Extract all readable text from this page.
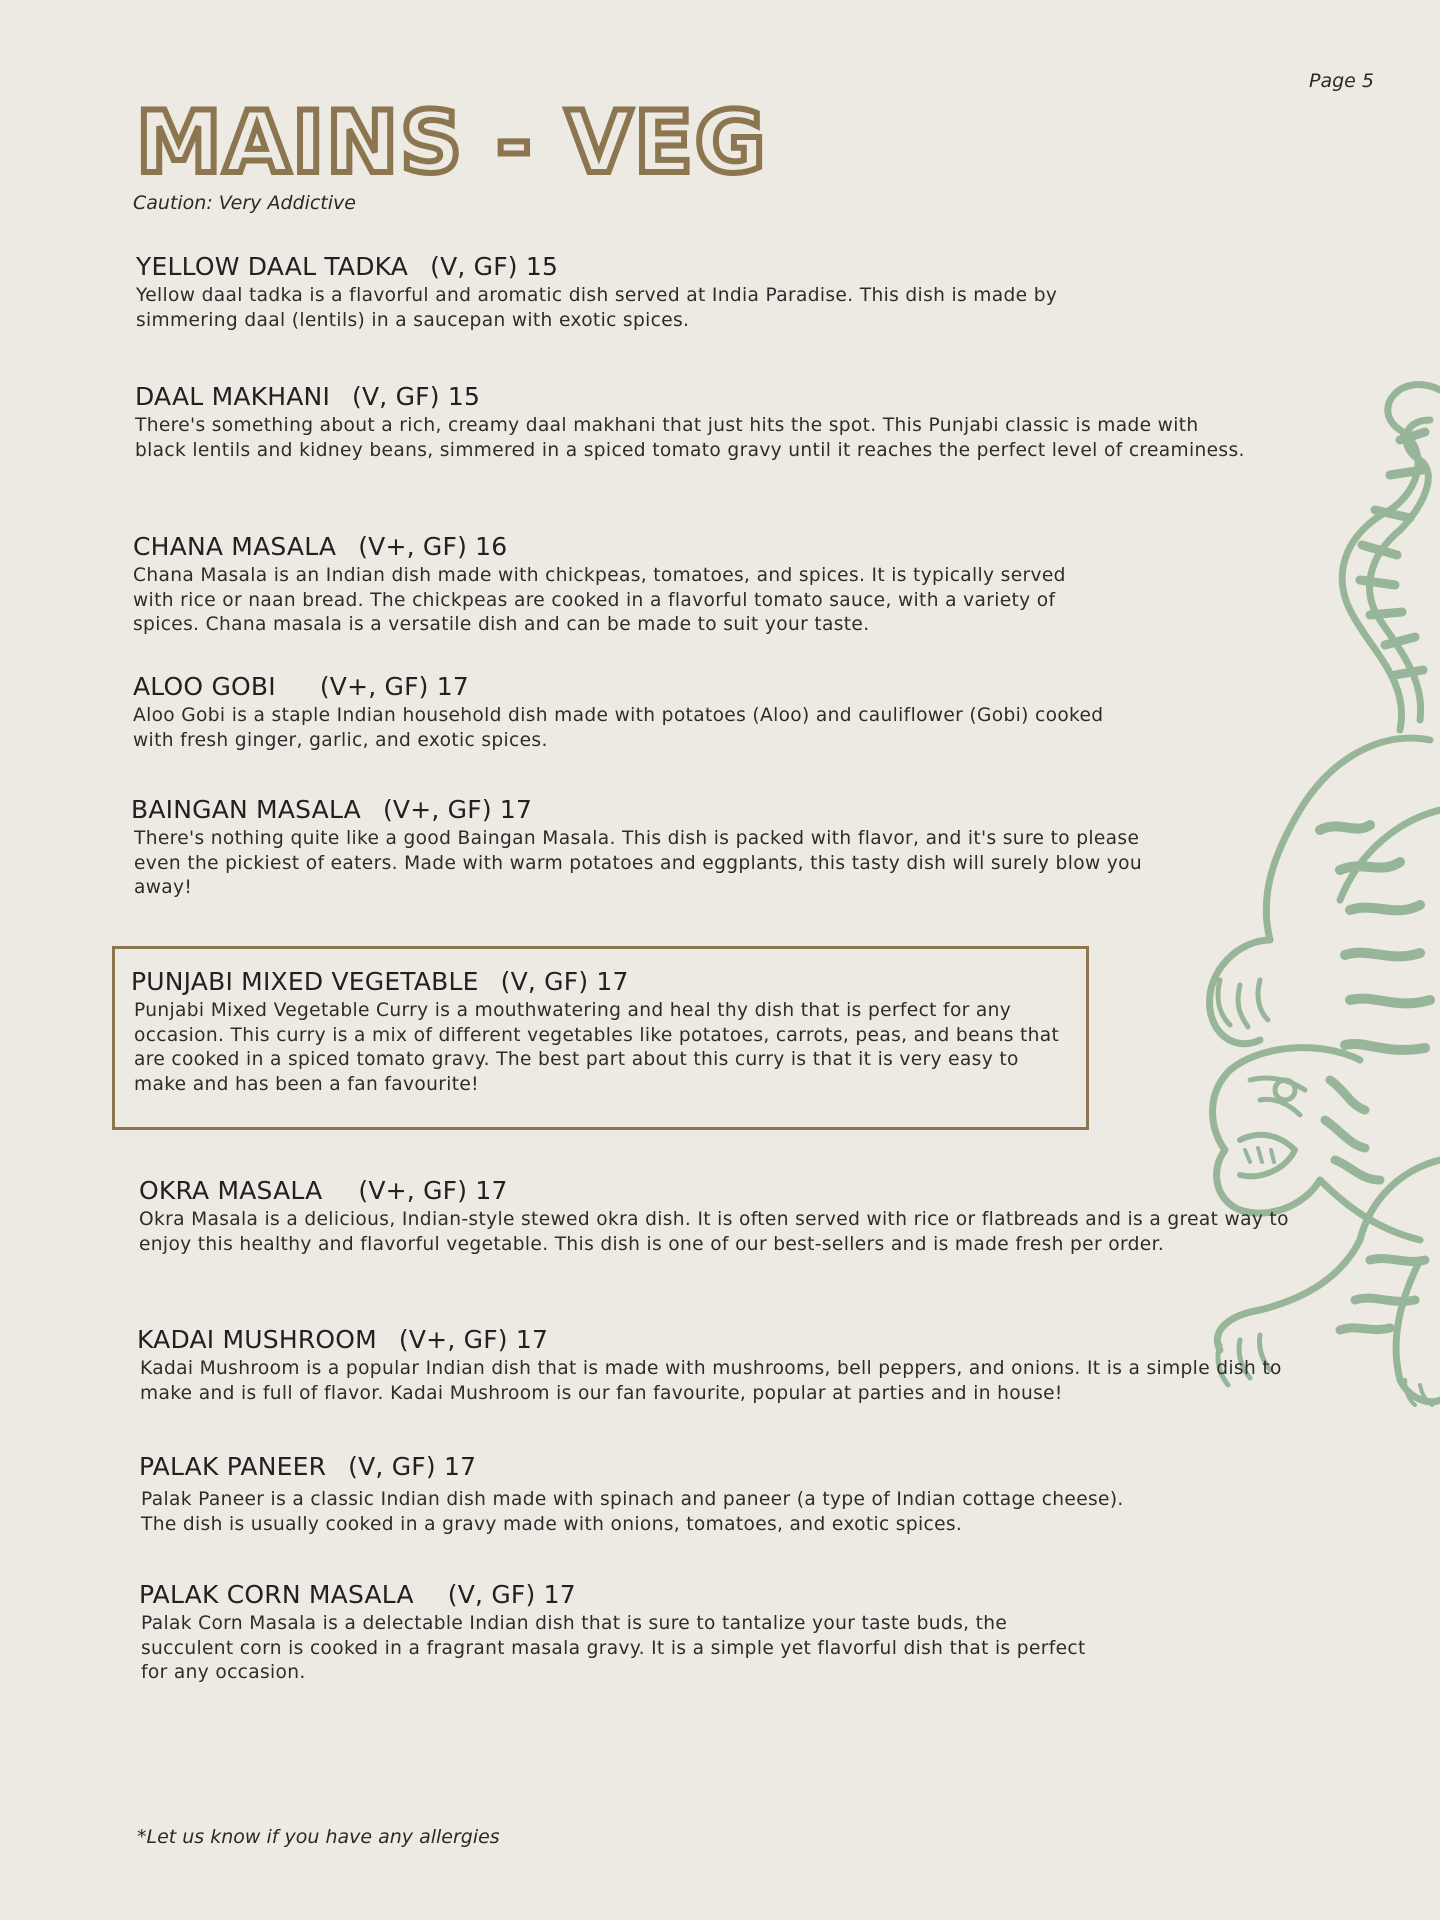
Page 5
MAINS - VEG
Caution: Very Addictive
YELLOW DAAL TADKA (V, GF) 15
Yellow daal tadka is a flavorful and aromatic dish served at India Paradise. This dish is made by simmering daal (lentils) in a saucepan with exotic spices.
DAAL MAKHANI (V, GF) 15
There's something about a rich, creamy daal makhani that just hits the spot. This Punjabi classic is made with black lentils and kidney beans, simmered in a spiced tomato gravy until it reaches the perfect level of creaminess.
CHANA MASALA (V+, GF) 16
Chana Masala is an Indian dish made with chickpeas, tomatoes, and spices. It is typically served with rice or naan bread. The chickpeas are cooked in a flavorful tomato sauce, with a variety of spices. Chana masala is a versatile dish and can be made to suit your taste.
ALOO GOBI (V+, GF) 17
Aloo Gobi is a staple Indian household dish made with potatoes (Aloo) and cauliflower (Gobi) cooked with fresh ginger, garlic, and exotic spices.
BAINGAN MASALA (V+, GF) 17
There's nothing quite like a good Baingan Masala. This dish is packed with flavor, and it's sure to please even the pickiest of eaters. Made with warm potatoes and eggplants, this tasty dish will surely blow you away!
PUNJABI MIXED VEGETABLE (V, GF) 17
Punjabi Mixed Vegetable Curry is a mouthwatering and heal thy dish that is perfect for any occasion. This curry is a mix of different vegetables like potatoes, carrots, peas, and beans that are cooked in a spiced tomato gravy. The best part about this curry is that it is very easy to make and has been a fan favourite!
OKRA MASALA (V+, GF) 17
Okra Masala is a delicious, Indian-style stewed okra dish. It is often served with rice or flatbreads and is a great way to enjoy this healthy and flavorful vegetable. This dish is one of our best-sellers and is made fresh per order.
KADAI MUSHROOM (V+, GF) 17
Kadai Mushroom is a popular Indian dish that is made with mushrooms, bell peppers, and onions. It is a simple dish to make and is full of flavor. Kadai Mushroom is our fan favourite, popular at parties and in house!
PALAK PANEER (V, GF) 17
Palak Paneer is a classic Indian dish made with spinach and paneer (a type of Indian cottage cheese). The dish is usually cooked in a gravy made with onions, tomatoes, and exotic spices.
PALAK CORN MASALA (V, GF) 17
Palak Corn Masala is a delectable Indian dish that is sure to tantalize your taste buds, the succulent corn is cooked in a fragrant masala gravy. It is a simple yet flavorful dish that is perfect for any occasion.
*Let us know if you have any allergies
